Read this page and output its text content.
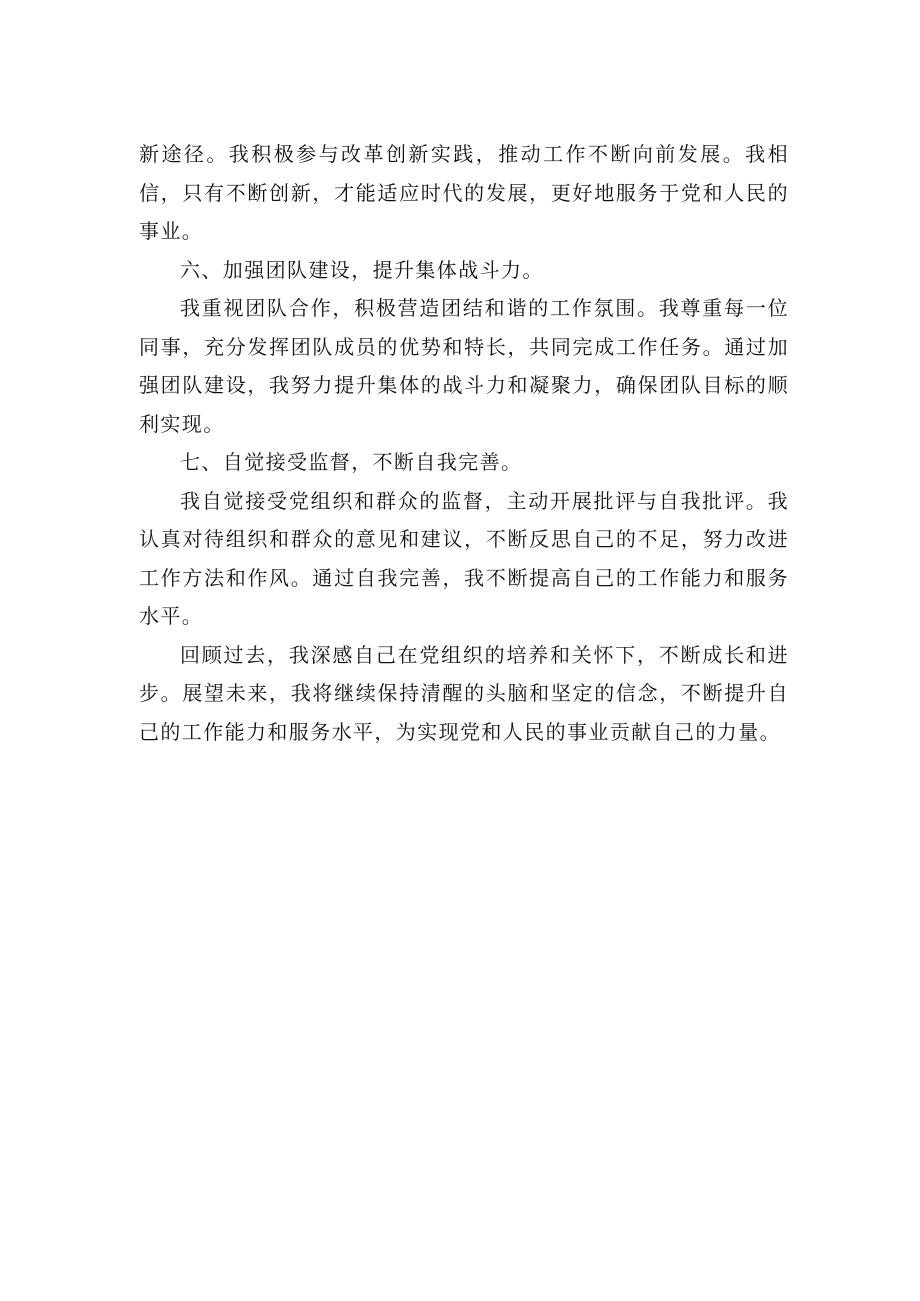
新途径。我积极参与改革创新实践，推动工作不断向前发展。我相信，只有不断创新，才能适应时代的发展，更好地服务于党和人民的事业。

六、加强团队建设，提升集体战斗力。

我重视团队合作，积极营造团结和谐的工作氛围。我尊重每一位同事，充分发挥团队成员的优势和特长，共同完成工作任务。通过加强团队建设，我努力提升集体的战斗力和凝聚力，确保团队目标的顺利实现。

七、自觉接受监督，不断自我完善。

我自觉接受党组织和群众的监督，主动开展批评与自我批评。我认真对待组织和群众的意见和建议，不断反思自己的不足，努力改进工作方法和作风。通过自我完善，我不断提高自己的工作能力和服务水平。

回顾过去，我深感自己在党组织的培养和关怀下，不断成长和进步。展望未来，我将继续保持清醒的头脑和坚定的信念，不断提升自己的工作能力和服务水平，为实现党和人民的事业贡献自己的力量。
